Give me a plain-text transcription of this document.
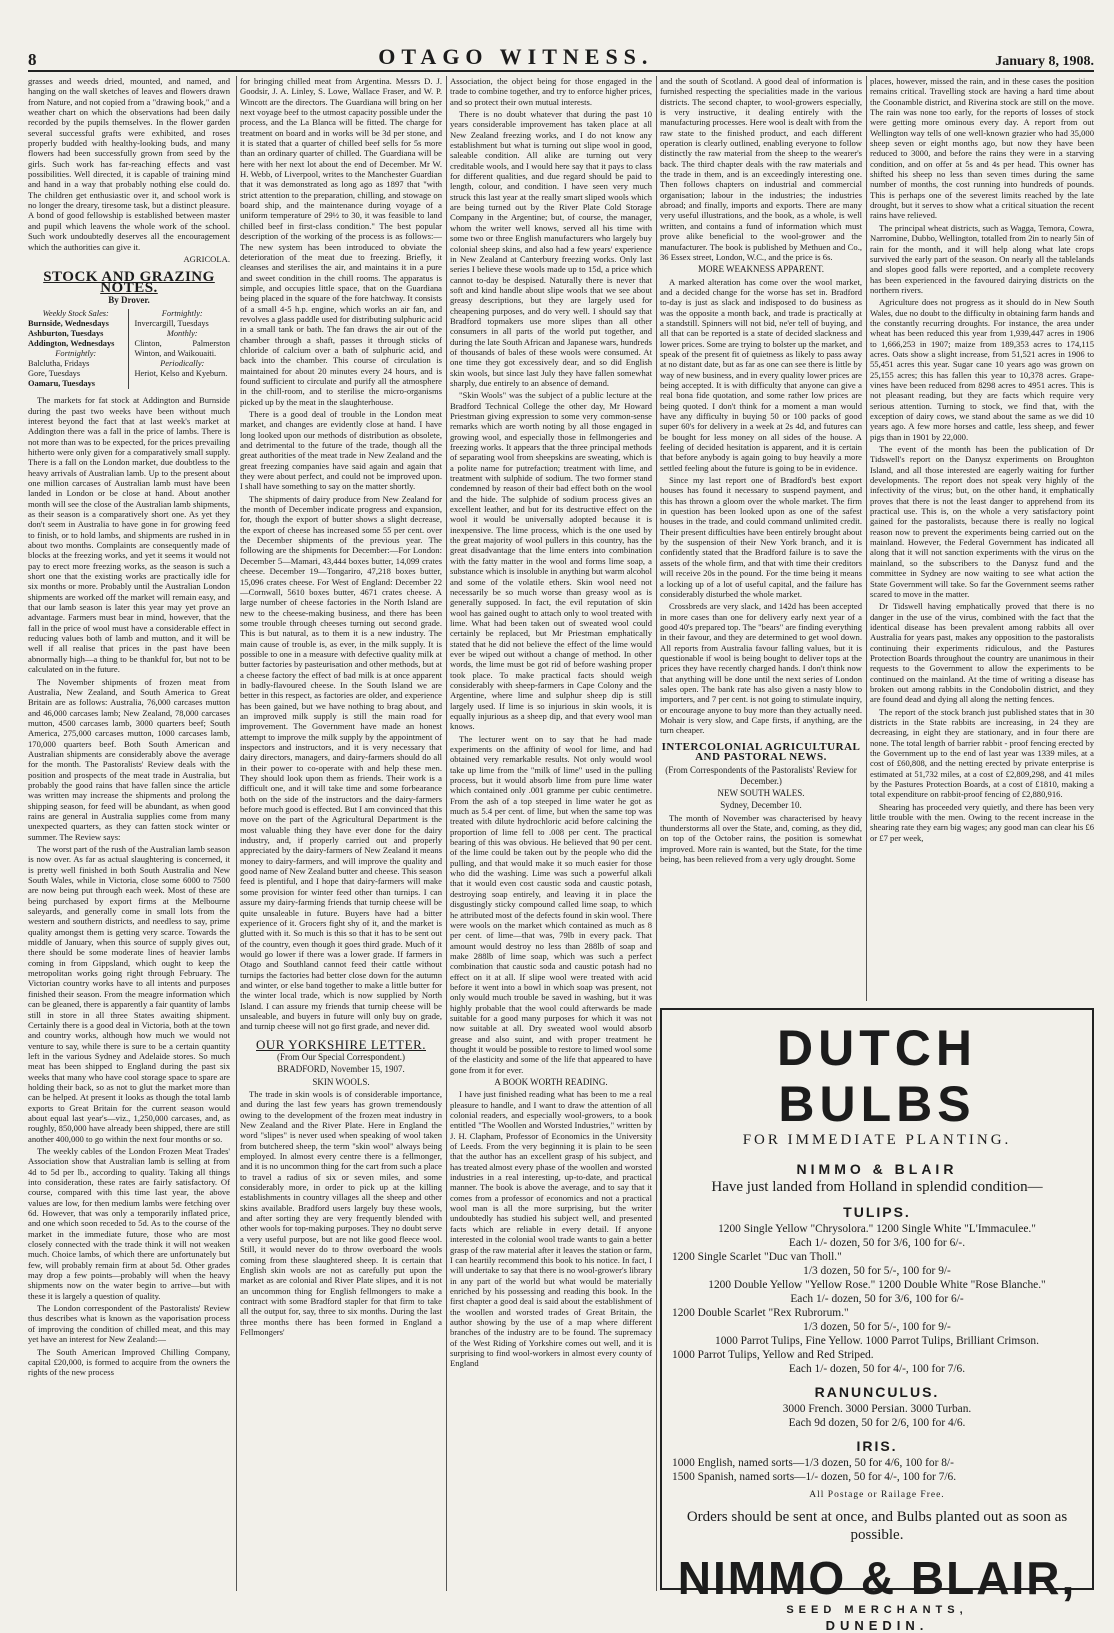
8	OTAGO WITNESS.	January 8, 1908.

grasses and weeds dried, mounted, and named, and hanging on the wall sketches of leaves and flowers drawn from Nature, and not copied from a "drawing book," and a weather chart on which the observations had been daily recorded by the pupils themselves. In the flower garden several successful grafts were exhibited, and roses properly budded with healthy-looking buds, and many flowers had been successfully grown from seed by the girls. Such work has far-reaching effects and vast possibilities. Well directed, it is capable of training mind and hand in a way that probably nothing else could do. The children get enthusiastic over it, and school work is no longer the dreary, tiresome task, but a distinct pleasure. A bond of good fellowship is established between master and pupil which leavens the whole work of the school. Such work undoubtedly deserves all the encouragement which the authorities can give it.

AGRICOLA.

STOCK AND GRAZING NOTES.
By Drover.
Weekly Stock Sales:
Burnside, Wednesdays
Ashburton, Tuesdays
Addington, Wednesdays
Fortnightly:
Balclutha, Fridays
Gore, Tuesdays
Oamaru, Tuesdays
Fortnightly:
Invercargill, Tuesdays
Monthly:
Clinton, Palmerston Winton, and Waikouaiti.
Periodically:
Heriot, Kelso and Kyeburn.

The markets for fat stock at Addington and Burnside during the past two weeks have been without much interest beyond the fact that at last week's market at Addington there was a fall in the price of lambs. There is not more than was to be expected, for the prices prevailing hitherto were only given for a comparatively small supply. There is a fall on the London market, due doubtless to the heavy arrivals of Australian lamb. Up to the present about one million carcases of Australian lamb must have been landed in London or be close at hand. About another month will see the close of the Australian lamb shipments, as their season is a comparatively short one. As yet they don't seem in Australia to have gone in for growing feed to finish, or to hold lambs, and shipments are rushed in in about two months. Complaints are consequently made of blocks at the freezing works, and yet it seems it would not pay to erect more freezing works, as the season is such a short one that the existing works are practically idle for six months or more. Probably until the Australian London shipments are worked off the market will remain easy, and that our lamb season is later this year may yet prove an advantage. Farmers must bear in mind, however, that the fall in the price of wool must have a considerable effect in reducing values both of lamb and mutton, and it will be well if all realise that prices in the past have been abnormally high—a thing to be thankful for, but not to be calculated on in the future.

The November shipments of frozen meat from Australia, New Zealand, and South America to Great Britain are as follows: Australia, 76,000 carcases mutton and 46,000 carcases lamb; New Zealand, 78,000 carcases mutton, 4500 carcases lamb, 3000 quarters beef; South America, 275,000 carcases mutton, 1000 carcases lamb, 170,000 quarters beef. Both South American and Australian shipments are considerably above the average for the month. The Pastoralists' Review deals with the position and prospects of the meat trade in Australia, but probably the good rains that have fallen since the article was written may increase the shipments and prolong the shipping season, for feed will be abundant, as when good rains are general in Australia supplies come from many unexpected quarters, as they can fatten stock winter or summer. The Review says:

The worst part of the rush of the Australian lamb season is now over. As far as actual slaughtering is concerned, it is pretty well finished in both South Australia and New South Wales, while in Victoria, close some 6000 to 7500 are now being put through each week. Most of these are being purchased by export firms at the Melbourne saleyards, and generally come in small lots from the western and southern districts, and needless to say, prime quality amongst them is getting very scarce. Towards the middle of January, when this source of supply gives out, there should be some moderate lines of heavier lambs coming in from Gippsland, which ought to keep the metropolitan works going right through February. The Victorian country works have to all intents and purposes finished their season. From the meagre information which can be gleaned, there is apparently a fair quantity of lambs still in store in all three States awaiting shipment. Certainly there is a good deal in Victoria, both at the town and country works, although how much we would not venture to say, while there is sure to be a certain quantity left in the various Sydney and Adelaide stores. So much meat has been shipped to England during the past six weeks that many who have cool storage space to spare are holding their back, so as not to glut the market more than can be helped. At present it looks as though the total lamb exports to Great Britain for the current season would about equal last year's—viz., 1,250,000 carcases, and, as roughly, 850,000 have already been shipped, there are still another 400,000 to go within the next four months or so.

The weekly cables of the London Frozen Meat Trades' Association show that Australian lamb is selling at from 4d to 5d per lb., according to quality. Taking all things into consideration, these rates are fairly satisfactory. Of course, compared with this time last year, the above values are low, for then medium lambs were fetching over 6d. However, that was only a temporarily inflated price, and one which soon receded to 5d. As to the course of the market in the immediate future, those who are most closely connected with the trade think it will not weaken much. Choice lambs, of which there are unfortunately but few, will probably remain firm at about 5d. Other grades may drop a few points—probably will when the heavy shipments now on the water begin to arrive—but with these it is largely a question of quality.

The London correspondent of the Pastoralists' Review thus describes what is known as the vaporisation process of improving the condition of chilled meat, and this may yet have an interest for New Zealand:—

The South American Improved Chilling Company, capital £20,000, is formed to acquire from the owners the rights of the new process

for bringing chilled meat from Argentina. Messrs D. J. Goodsir, J. A. Linley, S. Lowe, Wallace Fraser, and W. P. Wincott are the directors. The Guardiana will bring on her next voyage beef to the utmost capacity possible under the process, and the La Blanca will be fitted. The charge for treatment on board and in works will be 3d per stone, and it is stated that a quarter of chilled beef sells for 5s more than an ordinary quarter of chilled. The Guardiana will be here with her next lot about the end of December. Mr W. H. Webb, of Liverpool, writes to the Manchester Guardian that it was demonstrated as long ago as 1897 that "with strict attention to the preparation, chilling, and stowage on board ship, and the maintenance during voyage of a uniform temperature of 29½ to 30, it was feasible to land chilled beef in first-class condition." The best popular description of the working of the process is as follows:—The new system has been introduced to obviate the deterioration of the meat due to freezing. Briefly, it cleanses and sterilises the air, and maintains it in a pure and sweet condition in the chill rooms. The apparatus is simple, and occupies little space, that on the Guardiana being placed in the square of the fore hatchway. It consists of a small 4-5 h.p. engine, which works an air fan, and revolves a glass paddle used for distributing sulphuric acid in a small tank or bath. The fan draws the air out of the chamber through a shaft, passes it through sticks of chloride of calcium over a bath of sulphuric acid, and back into the chamber. This course of circulation is maintained for about 20 minutes every 24 hours, and is found sufficient to circulate and purify all the atmosphere in the chill-room, and to sterilise the micro-organisms picked up by the meat in the slaughterhouse.

There is a good deal of trouble in the London meat market, and changes are evidently close at hand. I have long looked upon our methods of distribution as obsolete, and detrimental to the future of the trade, though all the great authorities of the meat trade in New Zealand and the great freezing companies have said again and again that they were about perfect, and could not be improved upon. I shall have something to say on the matter shortly.

The shipments of dairy produce from New Zealand for the month of December indicate progress and expansion, for, though the export of butter shows a slight decrease, the export of cheese has increased some 55 per cent. over the December shipments of the previous year. The following are the shipments for December:—For London: December 5—Mamari, 43,444 boxes butter, 14,099 crates cheese. December 19—Tongariro, 47,218 boxes butter, 15,096 crates cheese. For West of England: December 22—Cornwall, 5610 boxes butter, 4671 crates cheese. A large number of cheese factories in the North Island are new to the cheese-making business, and there has been some trouble through cheeses turning out second grade. This is but natural, as to them it is a new industry. The main cause of trouble is, as ever, in the milk supply. It is possible to one in a measure with defective quality milk at butter factories by pasteurisation and other methods, but at a cheese factory the effect of bad milk is at once apparent in badly-flavoured cheese. In the South Island we are better in this respect, as factories are older, and experience has been gained, but we have nothing to brag about, and an improved milk supply is still the main road for improvement. The Government have made an honest attempt to improve the milk supply by the appointment of inspectors and instructors, and it is very necessary that dairy directors, managers, and dairy-farmers should do all in their power to co-operate with and help these men. They should look upon them as friends. Their work is a difficult one, and it will take time and some forbearance both on the side of the instructors and the dairy-farmers before much good is effected. But I am convinced that this move on the part of the Agricultural Department is the most valuable thing they have ever done for the dairy industry, and, if properly carried out and properly appreciated by the dairy-farmers of New Zealand it means money to dairy-farmers, and will improve the quality and good name of New Zealand butter and cheese. This season feed is plentiful, and I hope that dairy-farmers will make some provision for winter feed other than turnips. I can assure my dairy-farming friends that turnip cheese will be quite unsaleable in future. Buyers have had a bitter experience of it. Grocers fight shy of it, and the market is glutted with it. So much is this so that it has to be sent out of the country, even though it goes third grade. Much of it would go lower if there was a lower grade. If farmers in Otago and Southland cannot feed their cattle without turnips the factories had better close down for the autumn and winter, or else band together to make a little butter for the winter local trade, which is now supplied by North Island. I can assure my friends that turnip cheese will be unsaleable, and buyers in future will only buy on grade, and turnip cheese will not go first grade, and never did.

OUR YORKSHIRE LETTER.
(From Our Special Correspondent.)
BRADFORD, November 15, 1907.
SKIN WOOLS.

The trade in skin wools is of considerable importance, and during the last few years has grown tremendously owing to the development of the frozen meat industry in New Zealand and the River Plate. Here in England the word "slipes" is never used when speaking of wool taken from butchered sheep, the term "skin wool" always being employed. In almost every centre there is a fellmonger, and it is no uncommon thing for the cart from such a place to travel a radius of six or seven miles, and some considerably more, in order to pick up at the killing establishments in country villages all the sheep and other skins available. Bradford users largely buy these wools, and after sorting they are very frequently blended with other wools for top-making purposes. They no doubt serve a very useful purpose, but are not like good fleece wool. Still, it would never do to throw overboard the wools coming from these slaughtered sheep. It is certain that English skin wools are not as carefully put upon the market as are colonial and River Plate slipes, and it is not an uncommon thing for English fellmongers to make a contract with some Bradford stapler for that firm to take all the output for, say, three to six months. During the last three months there has been formed in England a Fellmongers'

Association, the object being for those engaged in the trade to combine together, and try to enforce higher prices, and so protect their own mutual interests.

There is no doubt whatever that during the past 10 years considerable improvement has taken place at all New Zealand freezing works, and I do not know any establishment but what is turning out slipe wool in good, saleable condition. All alike are turning out very creditable wools, and I would here say that it pays to class for different qualities, and due regard should be paid to length, colour, and condition. I have seen very much struck this last year at the really smart sliped wools which are being turned out by the River Plate Cold Storage Company in the Argentine; but, of course, the manager, whom the writer well knows, served all his time with some two or three English manufacturers who largely buy colonial sheep skins, and also had a few years' experience in New Zealand at Canterbury freezing works. Only last series I believe these wools made up to 15d, a price which cannot to-day be despised. Naturally there is never that soft and kind handle about slipe wools that we see about greasy descriptions, but they are largely used for cheapening purposes, and do very well. I should say that Bradford topmakers use more slipes than all other consumers in all parts of the world put together, and during the late South African and Japanese wars, hundreds of thousands of bales of these wools were consumed. At one time they got excessively dear, and so did English skin wools, but since last July they have fallen somewhat sharply, due entirely to an absence of demand.

"Skin Wools" was the subject of a public lecture at the Bradford Technical College the other day, Mr Howard Priestman giving expression to some very common-sense remarks which are worth noting by all those engaged in growing wool, and especially those in fellmongeries and freezing works. It appears that the three principal methods of separating wool from sheepskins are sweating, which is a polite name for putrefaction; treatment with lime, and treatment with sulphide of sodium. The two former stand condemned by reason of their bad effect both on the wool and the hide. The sulphide of sodium process gives an excellent leather, and but for its destructive effect on the wool it would be universally adopted because it is inexpensive. The lime process, which is the one used by the great majority of wool pullers in this country, has the great disadvantage that the lime enters into combination with the fatty matter in the wool and forms lime soap, a substance which is insoluble in anything but warm alcohol and some of the volatile ethers. Skin wool need not necessarily be so much worse than greasy wool as is generally supposed. In fact, the evil reputation of skin wool has gained ought to attach only to wool treated with lime. What had been taken out of sweated wool could certainly be replaced, but Mr Priestman emphatically stated that he did not believe the effect of the lime would ever be wiped out without a change of method. In other words, the lime must be got rid of before washing proper took place. To make practical facts should weigh considerably with sheep-farmers in Cape Colony and the Argentine, where lime and sulphur sheep dip is still largely used. If lime is so injurious in skin wools, it is equally injurious as a sheep dip, and that every wool man knows.

The lecturer went on to say that he had made experiments on the affinity of wool for lime, and had obtained very remarkable results. Not only would wool take up lime from the "milk of lime" used in the pulling process, but it would absorb lime from pure lime water which contained only .001 gramme per cubic centimetre. From the ash of a top steeped in lime water he got as much as 5.4 per cent. of lime, but when the same top was treated with dilute hydrochloric acid before calcining the proportion of lime fell to .008 per cent. The practical bearing of this was obvious. He believed that 90 per cent. of the lime could be taken out by the people who did the pulling, and that would make it so much easier for those who did the washing. Lime was such a powerful alkali that it would even cost caustic soda and caustic potash, destroying soap entirely, and leaving it in place the disgustingly sticky compound called lime soap, to which he attributed most of the defects found in skin wool. There were wools on the market which contained as much as 8 per cent. of lime—that was, 79lb in every pack. That amount would destroy no less than 288lb of soap and make 288lb of lime soap, which was such a perfect combination that caustic soda and caustic potash had no effect on it at all. If slipe wool were treated with acid before it went into a bowl in which soap was present, not only would much trouble be saved in washing, but it was highly probable that the wool could afterwards be made suitable for a good many purposes for which it was not now suitable at all. Dry sweated wool would absorb grease and also suint, and with proper treatment he thought it would be possible to restore to limed wool some of the elasticity and some of the life that appeared to have gone from it for ever.

A BOOK WORTH READING.

I have just finished reading what has been to me a real pleasure to handle, and I want to draw the attention of all colonial readers, and especially wool-growers, to a book entitled "The Woollen and Worsted Industries," written by J. H. Clapham, Professor of Economics in the University of Leeds. From the very beginning it is plain to be seen that the author has an excellent grasp of his subject, and has treated almost every phase of the woollen and worsted industries in a real interesting, up-to-date, and practical manner. The book is above the average, and to say that it comes from a professor of economics and not a practical wool man is all the more surprising, but the writer undoubtedly has studied his subject well, and presented facts which are reliable in every detail. If anyone interested in the colonial wool trade wants to gain a better grasp of the raw material after it leaves the station or farm, I can heartily recommend this book to his notice. In fact, I will undertake to say that there is no wool-grower's library in any part of the world but what would be materially enriched by his possessing and reading this book. In the first chapter a good deal is said about the establishment of the woollen and worsted trades of Great Britain, the author showing by the use of a map where different branches of the industry are to be found. The supremacy of the West Riding of Yorkshire comes out well, and it is surprising to find wool-workers in almost every county of England

and the south of Scotland. A good deal of information is furnished respecting the specialities made in the various districts. The second chapter, to wool-growers especially, is very instructive, it dealing entirely with the manufacturing processes. Here wool is dealt with from the raw state to the finished product, and each different operation is clearly outlined, enabling everyone to follow distinctly the raw material from the sheep to the wearer's back. The third chapter deals with the raw materials and the trade in them, and is an exceedingly interesting one. Then follows chapters on industrial and commercial organisation; labour in the industries; the industries abroad; and finally, imports and exports. There are many very useful illustrations, and the book, as a whole, is well written, and contains a fund of information which must prove alike beneficial to the wool-grower and the manufacturer. The book is published by Methuen and Co., 36 Essex street, London, W.C., and the price is 6s.

MORE WEAKNESS APPARENT.

A marked alteration has come over the wool market, and a decided change for the worse has set in. Bradford to-day is just as slack and indisposed to do business as was the opposite a month back, and trade is practically at a standstill. Spinners will not bid, ne'er tell of buying, and all that can be reported is a state of decided slackness and lower prices. Some are trying to bolster up the market, and speak of the present fit of quietness as likely to pass away at no distant date, but as far as one can see there is little by way of new business, and in every quality lower prices are being accepted. It is with difficulty that anyone can give a real bona fide quotation, and some rather low prices are being quoted. I don't think for a moment a man would have any difficulty in buying 50 or 100 packs of good super 60's for delivery in a week at 2s 4d, and futures can be bought for less money on all sides of the house. A feeling of decided hesitation is apparent, and it is certain that before anybody is again going to buy heavily a more settled feeling about the future is going to be in evidence.

Since my last report one of Bradford's best export houses has found it necessary to suspend payment, and this has thrown a gloom over the whole market. The firm in question has been looked upon as one of the safest houses in the trade, and could command unlimited credit. Their present difficulties have been entirely brought about by the suspension of their New York branch, and it is confidently stated that the Bradford failure is to save the assets of the whole firm, and that with time their creditors will receive 20s in the pound. For the time being it means a locking up of a lot of useful capital, and the failure has considerably disturbed the whole market.

Crossbreds are very slack, and 142d has been accepted in more cases than one for delivery early next year of a good 40's prepared top. The "bears" are finding everything in their favour, and they are determined to get wool down. All reports from Australia favour falling values, but it is questionable if wool is being bought to deliver tops at the prices they have recently charged hands. I don't think now that anything will be done until the next series of London sales open. The bank rate has also given a nasty blow to importers, and 7 per cent. is not going to stimulate inquiry, or encourage anyone to buy more than they actually need. Mohair is very slow, and Cape firsts, if anything, are the turn cheaper.

INTERCOLONIAL AGRICULTURAL AND PASTORAL NEWS.
(From Correspondents of the Pastoralists' Review for December.)
NEW SOUTH WALES.
Sydney, December 10.

The month of November was characterised by heavy thunderstorms all over the State, and, coming, as they did, on top of the October rains, the position is somewhat improved. More rain is wanted, but the State, for the time being, has been relieved from a very ugly drought. Some

places, however, missed the rain, and in these cases the position remains critical. Travelling stock are having a hard time about the Coonamble district, and Riverina stock are still on the move. The rain was none too early, for the reports of losses of stock were getting more ominous every day. A report from out Wellington way tells of one well-known grazier who had 35,000 sheep seven or eight months ago, but now they have been reduced to 3000, and before the rains they were in a starving condition, and on offer at 5s and 4s per head. This owner has shifted his sheep no less than seven times during the same number of months, the cost running into hundreds of pounds. This is perhaps one of the severest limits reached by the late drought, but it serves to show what a critical situation the recent rains have relieved.

The principal wheat districts, such as Wagga, Temora, Cowra, Narromine, Dubbo, Wellington, totalled from 2in to nearly 5in of rain for the month, and it will help along what late crops survived the early part of the season. On nearly all the tablelands and slopes good falls were reported, and a complete recovery has been experienced in the favoured dairying districts on the northern rivers.

Agriculture does not progress as it should do in New South Wales, due no doubt to the difficulty in obtaining farm hands and the constantly recurring droughts. For instance, the area under wheat has been reduced this year from 1,939,447 acres in 1906 to 1,666,253 in 1907; maize from 189,353 acres to 174,115 acres. Oats show a slight increase, from 51,521 acres in 1906 to 55,451 acres this year. Sugar cane 10 years ago was grown on 25,155 acres; this has fallen this year to 10,378 acres. Grape-vines have been reduced from 8298 acres to 4951 acres. This is not pleasant reading, but they are facts which require very serious attention. Turning to stock, we find that, with the exception of dairy cows, we stand about the same as we did 10 years ago. A few more horses and cattle, less sheep, and fewer pigs than in 1901 by 22,000.

The event of the month has been the publication of Dr Tidswell's report on the Danysz experiments on Broughton Island, and all those interested are eagerly waiting for further developments. The report does not speak very highly of the infectivity of the virus; but, on the other hand, it emphatically proves that there is not the least danger to apprehend from its practical use. This is, on the whole a very satisfactory point gained for the pastoralists, because there is really no logical reason now to prevent the experiments being carried out on the mainland. However, the Federal Government has indicated all along that it will not sanction experiments with the virus on the mainland, so the subscribers to the Danysz fund and the committee in Sydney are now waiting to see what action the State Government will take. So far the Government seems rather scared to move in the matter.

Dr Tidswell having emphatically proved that there is no danger in the use of the virus, combined with the fact that the identical disease has been prevalent among rabbits all over Australia for years past, makes any opposition to the pastoralists continuing their experiments ridiculous, and the Pastures Protection Boards throughout the country are unanimous in their requests to the Government to allow the experiments to be continued on the mainland. At the time of writing a disease has broken out among rabbits in the Condobolin district, and they are found dead and dying all along the netting fences.

The report of the stock branch just published states that in 30 districts in the State rabbits are increasing, in 24 they are decreasing, in eight they are stationary, and in four there are none. The total length of barrier rabbit - proof fencing erected by the Government up to the end of last year was 1339 miles, at a cost of £60,808, and the netting erected by private enterprise is estimated at 51,732 miles, at a cost of £2,809,298, and 41 miles by the Pastures Protection Boards, at a cost of £1810, making a total expenditure on rabbit-proof fencing of £2,880,916.

Shearing has proceeded very quietly, and there has been very little trouble with the men. Owing to the recent increase in the shearing rate they earn big wages; any good man can clear his £6 or £7 per week,

DUTCH BULBS

FOR IMMEDIATE PLANTING.

NIMMO & BLAIR

Have just landed from Holland in splendid condition—

TULIPS.

1200 Single Yellow "Chrysolora." 1200 Single White "L'Immaculee."

Each 1/- dozen, 50 for 3/6, 100 for 6/-.

1200 Single Scarlet "Duc van Tholl."

1/3 dozen, 50 for 5/-, 100 for 9/-

1200 Double Yellow "Yellow Rose." 1200 Double White "Rose Blanche."

Each 1/- dozen, 50 for 3/6, 100 for 6/-

1200 Double Scarlet "Rex Rubrorum."

1/3 dozen, 50 for 5/-, 100 for 9/-

1000 Parrot Tulips, Fine Yellow. 1000 Parrot Tulips, Brilliant Crimson.

1000 Parrot Tulips, Yellow and Red Striped.

Each 1/- dozen, 50 for 4/-, 100 for 7/6.

RANUNCULUS.

3000 French. 3000 Persian. 3000 Turban.

Each 9d dozen, 50 for 2/6, 100 for 4/6.

IRIS.

1000 English, named sorts—1/3 dozen, 50 for 4/6, 100 for 8/-

1500 Spanish, named sorts—1/- dozen, 50 for 4/-, 100 for 7/6.

All Postage or Railage Free.

Orders should be sent at once, and Bulbs planted out as soon as possible.

NIMMO & BLAIR,

SEED MERCHANTS,

DUNEDIN.
